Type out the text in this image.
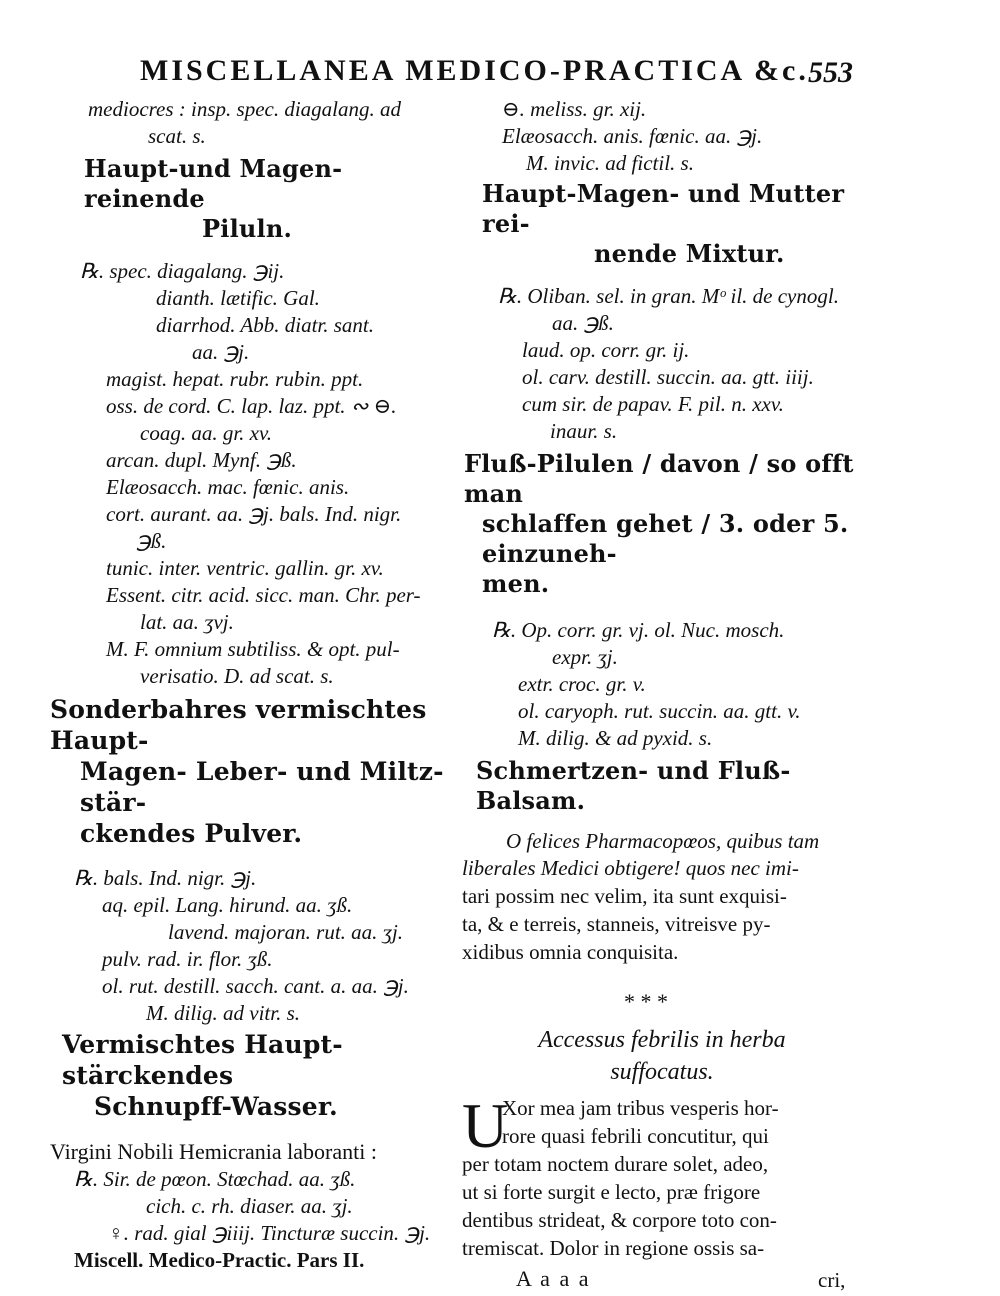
MISCELLANEA MEDICO-PRACTICA &c. 553
mediocres : insp. spec. diagalang. ad
scat. s.
Haupt-und Magen-reinende
Piluln.
℞. spec. diagalang. ℈ij.
dianth. lætific. Gal.
diarrhod. Abb. diatr. sant.
aa. ℈j.
magist. hepat. rubr. rubin. ppt.
oss. de cord. C. lap. laz. ppt. ∾ ⊖.
coag. aa. gr. xv.
arcan. dupl. Mynf. ℈ß.
Elæosacch. mac. fœnic. anis.
cort. aurant. aa. ℈j. bals. Ind. nigr.
℈ß.
tunic. inter. ventric. gallin. gr. xv.
Essent. citr. acid. sicc. man. Chr. per-
lat. aa. ʒvj.
M. F. omnium subtiliss. & opt. pul-
verisatio. D. ad scat. s.
Sonderbahres vermischtes Haupt-
Magen- Leber- und Miltz-stär-
ckendes Pulver.
℞. bals. Ind. nigr. ℈j.
aq. epil. Lang. hirund. aa. ʒß.
lavend. majoran. rut. aa. ʒj.
pulv. rad. ir. flor. ʒß.
ol. rut. destill. sacch. cant. a. aa. ℈j.
M. dilig. ad vitr. s.
Vermischtes Haupt-stärckendes
Schnupff-Wasser.
Virgini Nobili Hemicrania laboranti :
℞. Sir. de pœon. Stœchad. aa. ʒß.
cich. c. rh. diaser. aa. ʒj.
♀. rad. gial ℈iiij. Tincturæ succin. ℈j.
Miscell. Medico-Practic. Pars II.
⊖. meliss. gr. xij.
Elæosacch. anis. fœnic. aa. ℈j.
M. invic. ad fictil. s.
Haupt-Magen- und Mutter rei-
nende Mixtur.
℞. Oliban. sel. in gran. Mᵒ il. de cynogl.
aa. ℈ß.
laud. op. corr. gr. ij.
ol. carv. destill. succin. aa. gtt. iiij.
cum sir. de papav. F. pil. n. xxv.
inaur. s.
Fluß-Pilulen / davon / so offt man
schlaffen gehet / 3. oder 5. einzuneh-
men.
℞. Op. corr. gr. vj. ol. Nuc. mosch.
expr. ʒj.
extr. croc. gr. v.
ol. caryoph. rut. succin. aa. gtt. v.
M. dilig. & ad pyxid. s.
Schmertzen- und Fluß-Balsam.
O felices Pharmacopœos, quibus tam
liberales Medici obtigere! quos nec imi-
tari possim nec velim, ita sunt exquisi-
ta, & e terreis, stanneis, vitreisve py-
xidibus omnia conquisita.
* * *
Accessus febrilis in herba
suffocatus.
U
Xor mea jam tribus vesperis hor-
rore quasi febrili concutitur, qui
per totam noctem durare solet, adeo,
ut si forte surgit e lecto, præ frigore
dentibus strideat, & corpore toto con-
tremiscat. Dolor in regione ossis sa-
A a a a	cri,
